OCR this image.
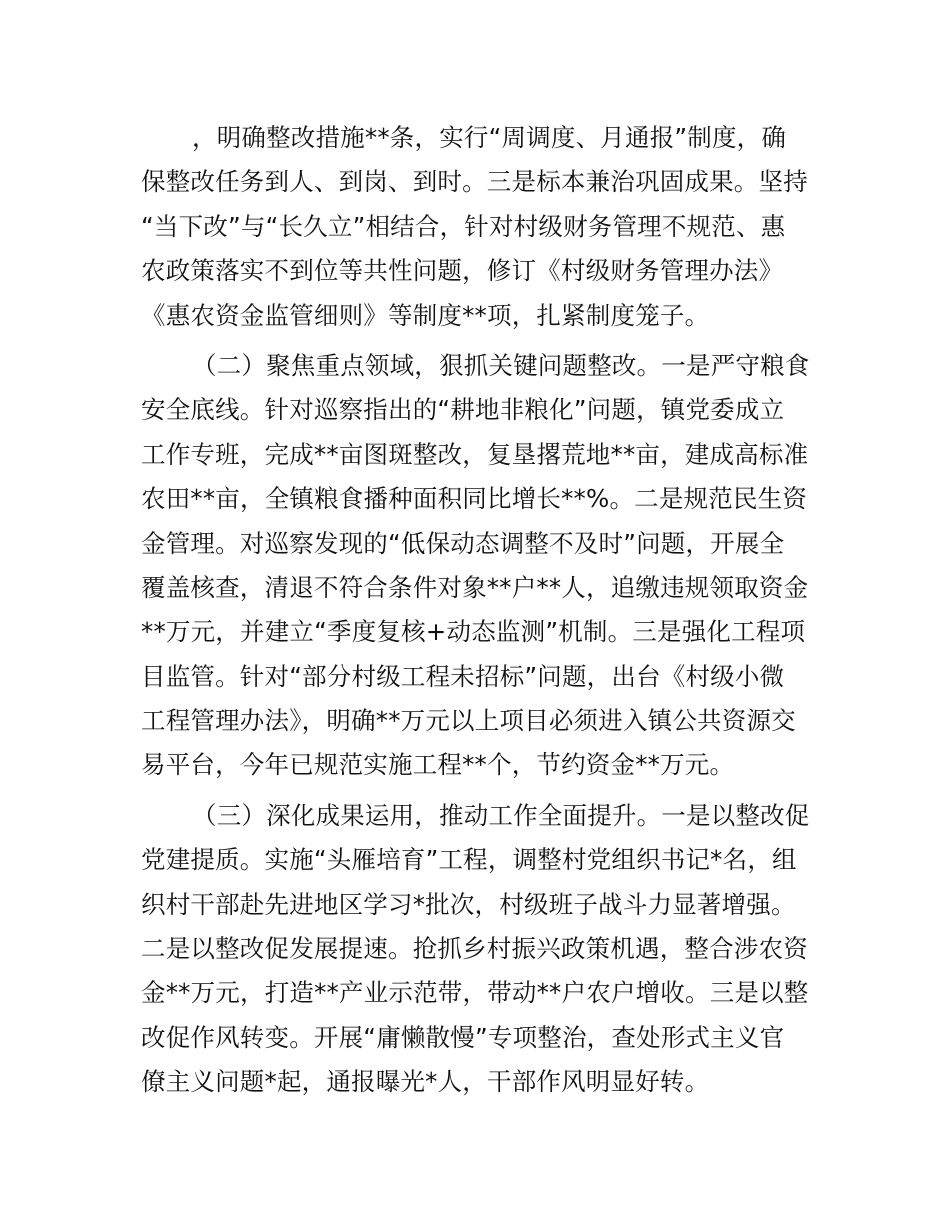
，明确整改措施**条，实行“周调度、月通报”制度，确
保整改任务到人、到岗、到时。三是标本兼治巩固成果。坚持
“当下改”与“长久立”相结合，针对村级财务管理不规范、惠
农政策落实不到位等共性问题，修订《村级财务管理办法》
《惠农资金监管细则》等制度**项，扎紧制度笼子。
（二）聚焦重点领域，狠抓关键问题整改。一是严守粮食
安全底线。针对巡察指出的“耕地非粮化”问题，镇党委成立
工作专班，完成**亩图斑整改，复垦撂荒地**亩，建成高标准
农田**亩，全镇粮食播种面积同比增长**%。二是规范民生资
金管理。对巡察发现的“低保动态调整不及时”问题，开展全
覆盖核查，清退不符合条件对象**户**人，追缴违规领取资金
**万元，并建立“季度复核+动态监测”机制。三是强化工程项
目监管。针对“部分村级工程未招标”问题，出台《村级小微
工程管理办法》，明确**万元以上项目必须进入镇公共资源交
易平台，今年已规范实施工程**个，节约资金**万元。
（三）深化成果运用，推动工作全面提升。一是以整改促
党建提质。实施“头雁培育”工程，调整村党组织书记*名，组
织村干部赴先进地区学习*批次，村级班子战斗力显著增强。
二是以整改促发展提速。抢抓乡村振兴政策机遇，整合涉农资
金**万元，打造**产业示范带，带动**户农户增收。三是以整
改促作风转变。开展“庸懒散慢”专项整治，查处形式主义官
僚主义问题*起，通报曝光*人，干部作风明显好转。
